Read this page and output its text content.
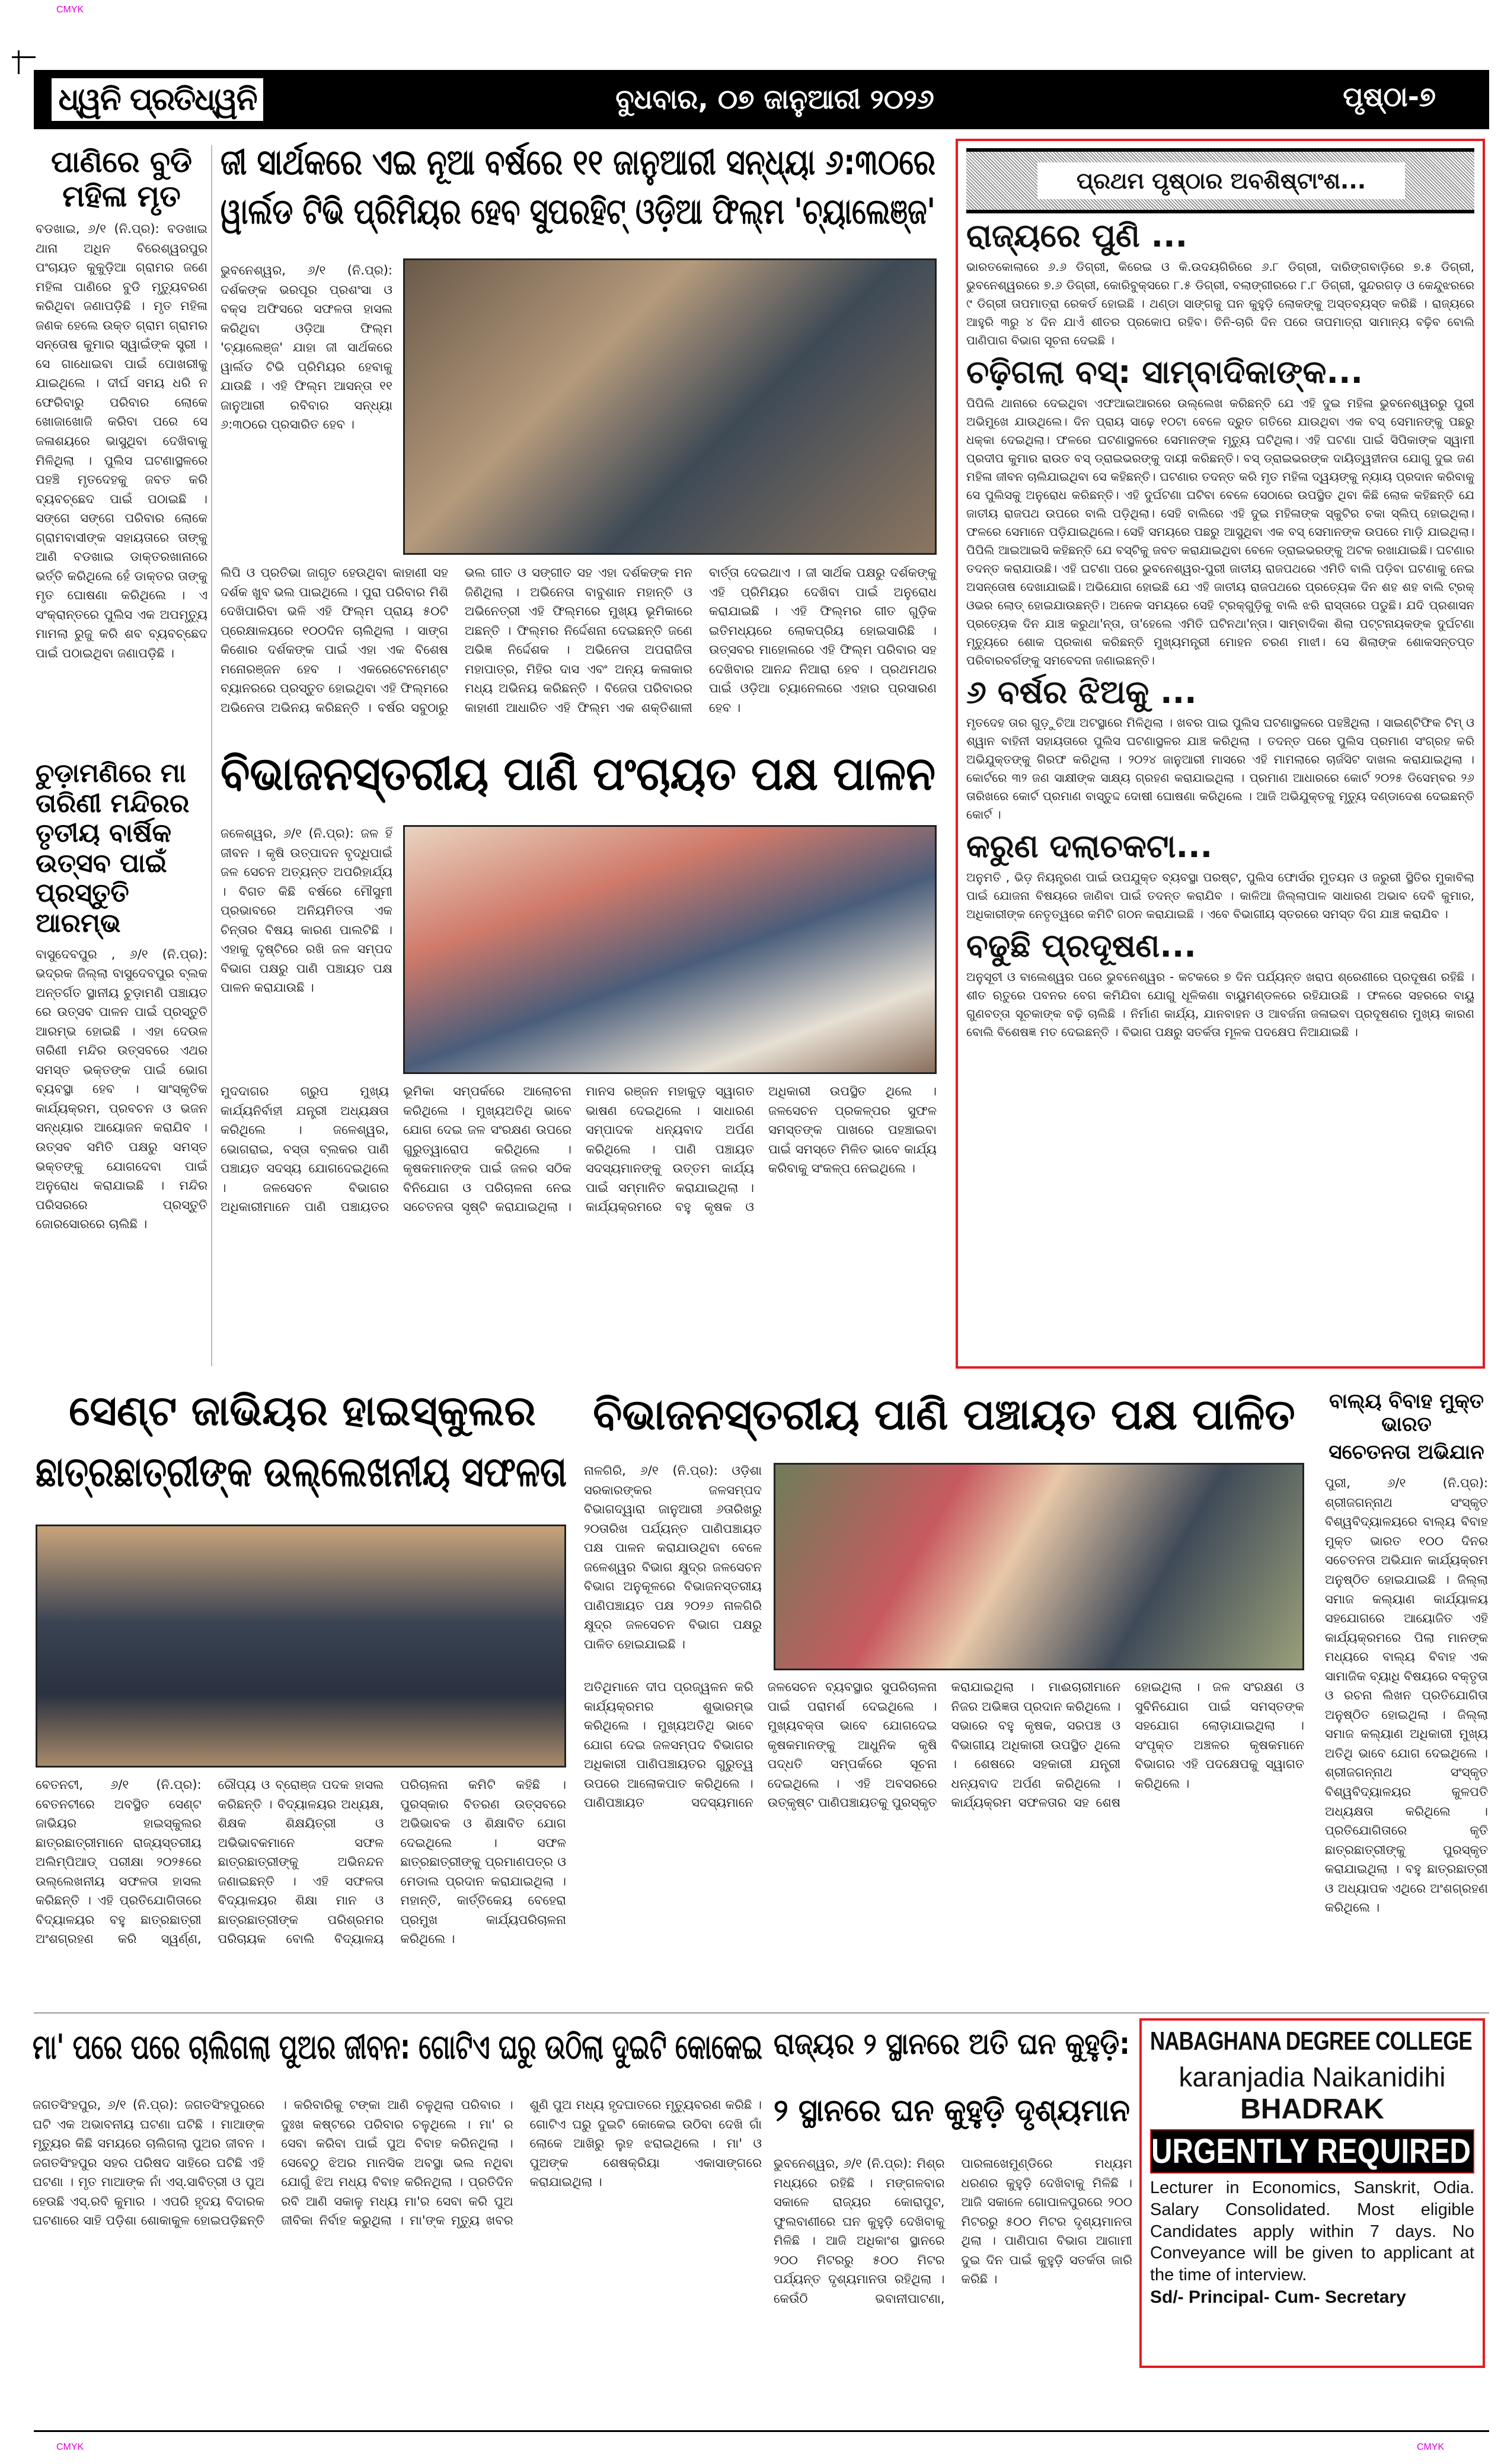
CMYK
CMYK	CMYK
ଧ୍ୱନି ପ୍ରତିଧ୍ୱନି	ବୁଧବାର, ୦୭ ଜାନୁଆରୀ ୨୦୨୬	ପୃଷ୍ଠା-୭
ପାଣିରେ ବୁଡି ମହିଳା ମୃତ
ବଡଖାଇ, ୬/୧ (ନି.ପ୍ର): ବଡଖାଇ ଥାନା ଅଧିନ ବିରେଶ୍ୱରପୁର ପଂଚାୟତ କୁକୁଡ଼ିଆ ଗ୍ରାମର ଜଣେ ମହିଳା ପାଣିରେ ବୁଡି ମୃତ୍ୟୁବରଣ କରିଥିବା ଜଣାପଡ଼ିଛି । ମୃତ ମହିଳା ଜଣକ ହେଲେ ଉକ୍ତ ଗ୍ରାମ ଗ୍ରାମର ସନ୍ତୋଷ କୁମାର ସ୍ୱାଇଁଙ୍କ ସ୍ତ୍ରୀ । ସେ ଗାଧୋଇବା ପାଇଁ ପୋଖରୀକୁ ଯାଇଥିଲେ । ଦୀର୍ଘ ସମୟ ଧରି ନ ଫେରିବାରୁ ପରିବାର ଲୋକେ ଖୋଜାଖୋଜି କରିବା ପରେ ସେ ଜଳାଶୟରେ ଭାସୁଥିବା ଦେଖିବାକୁ ମିଳିଥିଲା । ପୁଲିସ ଘଟଣାସ୍ଥଳରେ ପହଞ୍ଚି ମୃତଦେହକୁ ଜବତ କରି ବ୍ୟବଚ୍ଛେଦ ପାଇଁ ପଠାଇଛି । ସଙ୍ଗେ ସଙ୍ଗେ ପରିବାର ଲୋକେ ଗ୍ରାମବାସୀଙ୍କ ସହାୟତାରେ ତାଙ୍କୁ ଆଣି ବଡଖାଇ ଡାକ୍ତରଖାନାରେ ଭର୍ତ୍ତି କରିଥିଲେ ହେଁ ଡାକ୍ତର ତାଙ୍କୁ ମୃତ ଘୋଷଣା କରିଥିଲେ । ଏ ସଂକ୍ରାନ୍ତରେ ପୁଲିସ ଏକ ଅପମୃତ୍ୟୁ ମାମଲା ରୁଜୁ କରି ଶବ ବ୍ୟବଚ୍ଛେଦ ପାଇଁ ପଠାଇଥିବା ଜଣାପଡ଼ିଛି ।
ଚୁଡ଼ାମଣିରେ ମା ତାରିଣୀ ମନ୍ଦିରର ତୃତୀୟ ବାର୍ଷିକ ଉତ୍ସବ ପାଇଁ ପ୍ରସ୍ତୁତି ଆରମ୍ଭ
ବାସୁଦେବପୁର , ୬/୧ (ନି.ପ୍ର): ଭଦ୍ରକ ଜିଲ୍ଲା ବାସୁଦେବପୁର ବ୍ଲକ ଅନ୍ତର୍ଗତ ସ୍ଥାନୀୟ ଚୁଡ଼ାମଣି ପଞ୍ଚାୟତ ରେ ଉତ୍ସବ ପାଳନ ପାଇଁ ପ୍ରସ୍ତୁତି ଆରମ୍ଭ ହୋଇଛି । ଏହା ଦେଉଳ ତାରିଣୀ ମନ୍ଦିର ଉତ୍ସବରେ ଏଥର ସମସ୍ତ ଭକ୍ତଙ୍କ ପାଇଁ ଭୋଗ ବ୍ୟବସ୍ଥା ହେବ । ସାଂସ୍କୃତିକ କାର୍ଯ୍ୟକ୍ରମ, ପ୍ରବଚନ ଓ ଭଜନ ସନ୍ଧ୍ୟାର ଆୟୋଜନ କରାଯିବ । ଉତ୍ସବ ସମିତି ପକ୍ଷରୁ ସମସ୍ତ ଭକ୍ତଙ୍କୁ ଯୋଗଦେବା ପାଇଁ ଅନୁରୋଧ କରାଯାଇଛି । ମନ୍ଦିର ପରିସରରେ ପ୍ରସ୍ତୁତି ଜୋରସୋରରେ ଚାଲିଛି ।
ଜୀ ସାର୍ଥକରେ ଏଇ ନୂଆ ବର୍ଷରେ ୧୧ ଜାନୁଆରୀ ସନ୍ଧ୍ୟା ୬:୩୦ରେ
ୱାର୍ଲଡ ଟିଭି ପ୍ରିମିୟର ହେବ ସୁପରହିଟ୍ ଓଡ଼ିଆ ଫିଲ୍ମ 'ଚ୍ୟାଲେଞ୍ଜ'
ଭୁବନେଶ୍ୱର, ୬/୧ (ନି.ପ୍ର): ଦର୍ଶକଙ୍କ ଭରପୂର ପ୍ରଶଂସା ଓ ବକ୍ସ ଅଫିସରେ ସଫଳତା ହାସଲ କରିଥିବା ଓଡ଼ିଆ ଫିଲ୍ମ 'ଚ୍ୟାଲେଞ୍ଜ' ଯାହା ଜୀ ସାର୍ଥକରେ ୱାର୍ଲଡ ଟିଭି ପ୍ରିମିୟର ହେବାକୁ ଯାଉଛି । ଏହି ଫିଲ୍ମ ଆସନ୍ତା ୧୧ ଜାନୁଆରୀ ରବିବାର ସନ୍ଧ୍ୟା ୬:୩୦ରେ ପ୍ରସାରିତ ହେବ ।
ଲିପି ଓ ପ୍ରତିଭା ଜାଗୃତ ହେଉଥିବା କାହାଣୀ ସହ ଦର୍ଶକ ଖୁବ ଭଲ ପାଇଥିଲେ । ପୁରା ପରିବାର ମିଶି ଦେଖିପାରିବା ଭଳି ଏହି ଫିଲ୍ମ ପ୍ରାୟ ୫୦ଟି ପ୍ରେକ୍ଷାଳୟରେ ୧୦୦ଦିନ ଚାଲିଥିଲା । ସାଙ୍ଗ କିଶୋର ଦର୍ଶକଙ୍କ ପାଇଁ ଏହା ଏକ ବିଶେଷ ମନୋରଞ୍ଜନ ହେବ । ଏକରେଟେନମେଣ୍ଟ ବ୍ୟାନରରେ ପ୍ରସ୍ତୁତ ହୋଇଥିବା ଏହି ଫିଲ୍ମରେ ଅଭିନେତା ଅଭିନୟ କରିଛନ୍ତି । ବର୍ଷର ସବୁଠାରୁ ଭଲ ଗୀତ ଓ ସଙ୍ଗୀତ ସହ ଏହା ଦର୍ଶକଙ୍କ ମନ ଜିଣିଥିଲା । ଅଭିନେତା ବାବୁଶାନ ମହାନ୍ତି ଓ ଅଭିନେତ୍ରୀ ଏହି ଫିଲ୍ମରେ ମୁଖ୍ୟ ଭୂମିକାରେ ଅଛନ୍ତି । ଫିଲ୍ମର ନିର୍ଦ୍ଦେଶନା ଦେଇଛନ୍ତି ଜଣେ ଅଭିଜ୍ଞ ନିର୍ଦ୍ଦେଶକ । ଅଭିନେତା ଅପରାଜିତା ମହାପାତ୍ର, ମିହିର ଦାସ ଏବଂ ଅନ୍ୟ କଳାକାର ମଧ୍ୟ ଅଭିନୟ କରିଛନ୍ତି । ବିଜେତା ପରିବାରର କାହାଣୀ ଆଧାରିତ ଏହି ଫିଲ୍ମ ଏକ ଶକ୍ତିଶାଳୀ ବାର୍ତ୍ତା ଦେଇଥାଏ । ଜୀ ସାର୍ଥକ ପକ୍ଷରୁ ଦର୍ଶକଙ୍କୁ ଏହି ପ୍ରିମିୟର ଦେଖିବା ପାଇଁ ଅନୁରୋଧ କରାଯାଇଛି । ଏହି ଫିଲ୍ମର ଗୀତ ଗୁଡ଼ିକ ଇତିମଧ୍ୟରେ ଲୋକପ୍ରିୟ ହୋଇସାରିଛି । ଉତ୍ସବର ମାହୋଲରେ ଏହି ଫିଲ୍ମ ପରିବାର ସହ ଦେଖିବାର ଆନନ୍ଦ ନିଆରା ହେବ । ପ୍ରଥମଥର ପାଇଁ ଓଡ଼ିଆ ଚ୍ୟାନେଲରେ ଏହାର ପ୍ରସାରଣ ହେବ ।
ବିଭାଜନସ୍ତରୀୟ ପାଣି ପଂଚାୟତ ପକ୍ଷ ପାଳନ
ଜଳେଶ୍ୱର, ୬/୧ (ନି.ପ୍ର): ଜଳ ହିଁ ଜୀବନ । କୃଷି ଉତ୍ପାଦନ ବୃଦ୍ଧିପାଇଁ ଜଳ ସେଚନ ଅତ୍ୟନ୍ତ ଅପରିହାର୍ଯ୍ୟ । ବିଗତ କିଛି ବର୍ଷରେ ମୌସୁମୀ ପ୍ରଭାବରେ ଅନିୟମିତତା ଏକ ଚିନ୍ତାର ବିଷୟ କାରଣ ପାଲଟିଛି । ଏହାକୁ ଦୃଷ୍ଟିରେ ରଖି ଜଳ ସମ୍ପଦ ବିଭାଗ ପକ୍ଷରୁ ପାଣି ପଞ୍ଚାୟତ ପକ୍ଷ ପାଳନ କରାଯାଉଛି ।
ମୁଦଦାଗର ଗ୍ରୁପ ମୁଖ୍ୟ କାର୍ଯ୍ୟନିର୍ବାହୀ ଯନ୍ତ୍ରୀ ଅଧ୍ୟକ୍ଷତା କରିଥିଲେ । ଜଳେଶ୍ୱର, ଭୋଗରାଇ, ବସ୍ତା ବ୍ଲକର ପାଣି ପଞ୍ଚାୟତ ସଦସ୍ୟ ଯୋଗଦେଇଥିଲେ । ଜଳସେଚନ ବିଭାଗର ଅଧିକାରୀମାନେ ପାଣି ପଞ୍ଚାୟତର ଭୂମିକା ସମ୍ପର୍କରେ ଆଲୋଚନା କରିଥିଲେ । ମୁଖ୍ୟଅତିଥି ଭାବେ ଯୋଗ ଦେଇ ଜଳ ସଂରକ୍ଷଣ ଉପରେ ଗୁରୁତ୍ୱାରୋପ କରିଥିଲେ । କୃଷକମାନଙ୍କ ପାଇଁ ଜଳର ସଠିକ ବିନିଯୋଗ ଓ ପରିଚାଳନା ନେଇ ସଚେତନତା ସୃଷ୍ଟି କରାଯାଇଥିଲା । ମାନସ ରଞ୍ଜନ ମହାକୁଡ଼ ସ୍ୱାଗତ ଭାଷଣ ଦେଇଥିଲେ । ସାଧାରଣ ସମ୍ପାଦକ ଧନ୍ୟବାଦ ଅର୍ପଣ କରିଥିଲେ । ପାଣି ପଞ୍ଚାୟତ ସଦସ୍ୟମାନଙ୍କୁ ଉତ୍ତମ କାର୍ଯ୍ୟ ପାଇଁ ସମ୍ମାନିତ କରାଯାଇଥିଲା । କାର୍ଯ୍ୟକ୍ରମରେ ବହୁ କୃଷକ ଓ ଅଧିକାରୀ ଉପସ୍ଥିତ ଥିଲେ । ଜଳସେଚନ ପ୍ରକଳ୍ପର ସୁଫଳ ସମସ୍ତଙ୍କ ପାଖରେ ପହଞ୍ଚାଇବା ପାଇଁ ସମସ୍ତେ ମିଳିତ ଭାବେ କାର୍ଯ୍ୟ କରିବାକୁ ସଂକଳ୍ପ ନେଇଥିଲେ ।
ପ୍ରଥମ ପୃଷ୍ଠାର ଅବଶିଷ୍ଟାଂଶ...
ରାଜ୍ୟରେ ପୁଣି ...
ଭାରତକୋଲାରେ ୬.୬ ଡିଗ୍ରୀ, କିରେଇ ଓ କି.ଉଦୟଗିରିରେ ୬.୮ ଡିଗ୍ରୀ, ଦାରିଙ୍ଗବାଡ଼ିରେ ୭.୫ ଡିଗ୍ରୀ, ଭୁବନେଶ୍ୱରରେ ୭.୬ ଡିଗ୍ରୀ, କୋରିବୁକ୍ସରେ ୮.୫ ଡିଗ୍ରୀ, ବଲାଙ୍ଗୀରରେ ୮.୮ ଡିଗ୍ରୀ, ସୁନ୍ଦରଗଡ଼ ଓ କେନ୍ଦୁଝରରେ ୯ ଡିଗ୍ରୀ ତାପମାତ୍ରା ରେକର୍ଡ ହୋଇଛି । ଥଣ୍ଡା ସାଙ୍ଗକୁ ଘନ କୁହୁଡ଼ି ଲୋକଙ୍କୁ ଅସ୍ତବ୍ୟସ୍ତ କରିଛି । ରାଜ୍ୟରେ ଆହୁରି ୩ରୁ ୪ ଦିନ ଯାଏଁ ଶୀତର ପ୍ରକୋପ ରହିବ। ତିନି-ଚାରି ଦିନ ପରେ ତାପମାତ୍ରା ସାମାନ୍ୟ ବଢ଼ିବ ବୋଲି ପାଣିପାଗ ବିଭାଗ ସୂଚନା ଦେଇଛି ।
ଚଢ଼ିଗଲା ବସ୍: ସାମ୍ବାଦିକାଙ୍କ...
ପିପିଲି ଥାନାରେ ଦେଇଥିବା ଏଫଆଇଆରରେ ଉଲ୍ଲେଖ କରିଛନ୍ତି ଯେ ଏହି ଦୁଇ ମହିଳା ଭୁବନେଶ୍ୱରରୁ ପୁରୀ ଅଭିମୁଖେ ଯାଉଥିଲେ। ଦିନ ପ୍ରାୟ ସାଢ଼େ ୧୦ଟା ବେଳେ ଦ୍ରୁତ ଗତିରେ ଯାଉଥିବା ଏକ ବସ୍ ସେମାନଙ୍କୁ ପଛରୁ ଧକ୍କା ଦେଇଥିଲା। ଫଳରେ ଘଟଣାସ୍ଥଳରେ ସେମାନଙ୍କ ମୃତ୍ୟୁ ଘଟିଥିଲା। ଏହି ଘଟଣା ପାଇଁ ସିପିକାଙ୍କ ସ୍ୱାମୀ ପ୍ରଦୀପ କୁମାର ରାଉତ ବସ୍ ଡ୍ରାଇଭରଙ୍କୁ ଦାୟୀ କରିଛନ୍ତି। ବସ୍ ଡ୍ରାଇଭରଙ୍କ ଦାୟିତ୍ୱହୀନତା ଯୋଗୁ ଦୁଇ ଜଣ ମହିଳା ଜୀବନ ଚାଲିଯାଇଥିବା ସେ କହିଛନ୍ତି। ଘଟଣାର ତଦନ୍ତ କରି ମୃତ ମହିଳା ଦ୍ୱୟଙ୍କୁ ନ୍ୟାୟ ପ୍ରଦାନ କରିବାକୁ ସେ ପୁଲିସକୁ ଅନୁରୋଧ କରିଛନ୍ତି। ଏହି ଦୁର୍ଘଟଣା ଘଟିବା ବେଳେ ସେଠାରେ ଉପସ୍ଥିତ ଥିବା କିଛି ଲୋକ କହିଛନ୍ତି ଯେ ଜାତୀୟ ରାଜପଥ ଉପରେ ବାଲି ପଡ଼ିଥିଲା। ସେହି ବାଲିରେ ଏହି ଦୁଇ ମହିଳାଙ୍କ ସ୍କୁଟିର ଚକା ସ୍ଲିପ୍ ହୋଇଥିଲା। ଫଳରେ ସେମାନେ ପଡ଼ିଯାଇଥିଲେ। ସେହି ସମୟରେ ପଛରୁ ଆସୁଥିବା ଏକ ବସ୍ ସେମାନଙ୍କ ଉପରେ ମାଡ଼ି ଯାଇଥିଲା। ପିପିଲି ଆଇଆଇସି କହିଛନ୍ତି ଯେ ବସ୍‌ଟିକୁ ଜବତ କରାଯାଇଥିବା ବେଳେ ଡ୍ରାଇଭରଙ୍କୁ ଅଟକ ରଖାଯାଇଛି। ଘଟଣାର ତଦନ୍ତ କରାଯାଉଛି। ଏହି ଘଟଣା ପରେ ଭୁବନେଶ୍ୱର-ପୁରୀ ଜାତୀୟ ରାଜପଥରେ ଏମିତି ବାଲି ପଡ଼ିବା ଘଟଣାକୁ ନେଇ ଅସନ୍ତୋଷ ଦେଖାଯାଇଛି। ଅଭିଯୋଗ ହୋଇଛି ଯେ ଏହି ଜାତୀୟ ରାଜପଥରେ ପ୍ରତ୍ୟେକ ଦିନ ଶହ ଶହ ବାଲି ଟ୍ରକ୍ ଓଭର ଲୋଡ୍ ହୋଇଯାଉଛନ୍ତି। ଅନେକ ସମୟରେ ସେହି ଟ୍ରକ୍‌ଗୁଡ଼ିକୁ ବାଲି ଝରି ରାସ୍ତାରେ ପଡୁଛି। ଯଦି ପ୍ରଶାସନ ପ୍ରତ୍ୟେକ ଦିନ ଯାଞ୍ଚ କରୁଥା'ନ୍ତା, ତା'ହେଲେ ଏମିତି ଘଟିନଥା'ନ୍ତା। ସାମ୍ବାଦିକା ଶିଲା ପଟ୍ଟନାୟକଙ୍କ ଦୁର୍ଘଟଣା ମୃତ୍ୟୁରେ ଶୋକ ପ୍ରକାଶ କରିଛନ୍ତି ମୁଖ୍ୟମନ୍ତ୍ରୀ ମୋହନ ଚରଣ ମାଝୀ। ସେ ଶିଲାଙ୍କ ଶୋକସନ୍ତପ୍ତ ପରିବାରବର୍ଗଙ୍କୁ ସମବେଦନା ଜଣାଇଛନ୍ତି।
୬ ବର୍ଷର ଝିଅକୁ ...
ମୃତଦେହ ତାର ଗୁଡ଼ୁଚିଆ ଅଟସ୍ଥାରେ ମିଳିଥିଲା । ଖବର ପାଇ ପୁଲିସ ଘଟଣାସ୍ଥଳରେ ପହଞ୍ଚିଥିଲା । ସାଇଣ୍ଟିଫିକ ଟିମ୍ ଓ ଶ୍ୱାନ ବାହିନୀ ସହାୟତାରେ ପୁଲିସ ଘଟଣାସ୍ଥଳର ଯାଞ୍ଚ କରିଥିଲା । ତଦନ୍ତ ପରେ ପୁଲିସ ପ୍ରମାଣ ସଂଗ୍ରହ କରି ଅଭିଯୁକ୍ତଙ୍କୁ ଗିରଫ କରିଥିଲା । ୨୦୨୪ ଜାନୁଆରୀ ମାସରେ ଏହି ମାମଲାରେ ଚାର୍ଜସିଟ ଦାଖଲ କରାଯାଇଥିଲା । କୋର୍ଟରେ ୩୨ ଜଣ ସାକ୍ଷୀଙ୍କ ସାକ୍ଷ୍ୟ ଗ୍ରହଣ କରାଯାଇଥିଲା । ପ୍ରମାଣ ଆଧାରରେ କୋର୍ଟ ୨୦୨୫ ଡିସେମ୍ବର ୨୬ ତାରିଖରେ କୋର୍ଟ ପ୍ରମାଣ ବାସ୍ତୁଦ୍ଦ ଦୋଷୀ ଘୋଷଣା କରିଥିଲେ । ଆଜି ଅଭିଯୁକ୍ତକୁ ମୃତ୍ୟୁ ଦଣ୍ଡାଦେଶ ଦେଇଛନ୍ତି କୋର୍ଟ ।
କରୁଣ ଦଲାଚକଟା...
ଅନୁମତି , ଭିଡ଼ ନିୟନ୍ତ୍ରଣ ପାଇଁ ଉପଯୁକ୍ତ ବ୍ୟବସ୍ଥା ପରଷ୍ଟ, ପୁଲିସ ଫୋର୍ସର ମୁତୟନ ଓ ଜରୁରୀ ସ୍ଥିତିର ମୁକାବିଲା ପାଇଁ ଯୋଜନା ବିଷୟରେ ଜାଣିବା ପାଇଁ ତଦନ୍ତ କରାଯିବ । କାଳିଆ ଜିଲ୍ଲାପାଳ ସାଧାରଣ ଅଭାବ ଦେବି କୁମାର, ଅଧିକାରୀଙ୍କ ନେତୃତ୍ୱରେ କମିଟି ଗଠନ କରାଯାଇଛି । ଏବେ ବିଭାଗୀୟ ସ୍ତରରେ ସମସ୍ତ ଦିଗ ଯାଞ୍ଚ କରାଯିବ ।
ବଢୁଛି ପ୍ରଦୂଷଣ...
ଅନୁସୂଚୀ ଓ ବାଲେଶ୍ୱର ପରେ ଭୁବନେଶ୍ୱର - କଟକରେ ୭ ଦିନ ପର୍ଯ୍ୟନ୍ତ ଖରାପ ଶ୍ରେଣୀରେ ପ୍ରଦୂଷଣ ରହିଛି । ଶୀତ ଋତୁରେ ପବନର ବେଗ କମିଯିବା ଯୋଗୁ ଧୂଳିକଣା ବାୟୁମଣ୍ଡଳରେ ରହିଯାଉଛି । ଫଳରେ ସହରରେ ବାୟୁ ଗୁଣବତ୍ତା ସୂଚକାଙ୍କ ବଢ଼ି ଚାଲିଛି । ନିର୍ମାଣ କାର୍ଯ୍ୟ, ଯାନବାହନ ଓ ଆବର୍ଜନା ଜଳାଇବା ପ୍ରଦୂଷଣର ମୁଖ୍ୟ କାରଣ ବୋଲି ବିଶେଷଜ୍ଞ ମତ ଦେଇଛନ୍ତି । ବିଭାଗ ପକ୍ଷରୁ ସତର୍କତା ମୂଳକ ପଦକ୍ଷେପ ନିଆଯାଇଛି ।
ସେଣ୍ଟ ଜାଭିୟର ହାଇସ୍କୁଲର
ଛାତ୍ରଛାତ୍ରୀଙ୍କ ଉଲ୍ଲେଖନୀୟ ସଫଳତା
ବେତନଟୀ, ୬/୧ (ନି.ପ୍ର): ବେତନଟୀରେ ଅବସ୍ଥିତ ସେଣ୍ଟ ଜାଭିୟର ହାଇସ୍କୁଲର ଛାତ୍ରଛାତ୍ରୀମାନେ ରାଜ୍ୟସ୍ତରୀୟ ଅଲିମ୍ପିଆଡ୍ ପରୀକ୍ଷା ୨୦୨୫ରେ ଉଲ୍ଲେଖନୀୟ ସଫଳତା ହାସଲ କରିଛନ୍ତି । ଏହି ପ୍ରତିଯୋଗିତାରେ ବିଦ୍ୟାଳୟର ବହୁ ଛାତ୍ରଛାତ୍ରୀ ଅଂଶଗ୍ରହଣ କରି ସ୍ୱର୍ଣ୍ଣ, ରୌପ୍ୟ ଓ ବ୍ରୋଞ୍ଜ ପଦକ ହାସଲ କରିଛନ୍ତି । ବିଦ୍ୟାଳୟର ଅଧ୍ୟକ୍ଷ, ଶିକ୍ଷକ ଶିକ୍ଷୟିତ୍ରୀ ଓ ଅଭିଭାବକମାନେ ସଫଳ ଛାତ୍ରଛାତ୍ରୀଙ୍କୁ ଅଭିନନ୍ଦନ ଜଣାଇଛନ୍ତି । ଏହି ସଫଳତା ବିଦ୍ୟାଳୟର ଶିକ୍ଷା ମାନ ଓ ଛାତ୍ରଛାତ୍ରୀଙ୍କ ପରିଶ୍ରମର ପରିଚାୟକ ବୋଲି ବିଦ୍ୟାଳୟ ପରିଚାଳନା କମିଟି କହିଛି । ପୁରସ୍କାର ବିତରଣ ଉତ୍ସବରେ ଅଭିଭାବକ ଓ ଶିକ୍ଷାବିତ ଯୋଗ ଦେଇଥିଲେ । ସଫଳ ଛାତ୍ରଛାତ୍ରୀଙ୍କୁ ପ୍ରମାଣପତ୍ର ଓ ମେଡାଲ ପ୍ରଦାନ କରାଯାଇଥିଲା । ମହାନ୍ତି, କାର୍ତ୍ତିକେୟ ବେହେରା ପ୍ରମୁଖ କାର୍ଯ୍ୟପରିଚାଳନା କରିଥିଲେ ।
ବିଭାଜନସ୍ତରୀୟ ପାଣି ପଞ୍ଚାୟତ ପକ୍ଷ ପାଳିତ
ନାଳଗିରି, ୬/୧ (ନି.ପ୍ର): ଓଡ଼ିଶା ସରକାରଙ୍କର ଜଳସମ୍ପଦ ବିଭାଗଦ୍ୱାରା ଜାନୁଆରୀ ୬ତାରିଖରୁ ୨୦ତାରିଖ ପର୍ଯ୍ୟନ୍ତ ପାଣିପଞ୍ଚାୟତ ପକ୍ଷ ପାଳନ କରାଯାଉଥିବା ବେଳେ ଜଳେଶ୍ୱର ବିଭାଗ କ୍ଷୁଦ୍ର ଜଳସେଚନ ବିଭାଗ ଅନୁକୂଳରେ ବିଭାଜନସ୍ତରୀୟ ପାଣିପଞ୍ଚାୟତ ପକ୍ଷ ୨୦୨୬ ନାଳଗିରି କ୍ଷୁଦ୍ର ଜଳସେଚନ ବିଭାଗ ପକ୍ଷରୁ ପାଳିତ ହୋଇଯାଇଛି ।
ଅତିଥିମାନେ ଦୀପ ପ୍ରଜ୍ୱଳନ କରି କାର୍ଯ୍ୟକ୍ରମର ଶୁଭାରମ୍ଭ କରିଥିଲେ । ମୁଖ୍ୟଅତିଥି ଭାବେ ଯୋଗ ଦେଇ ଜଳସମ୍ପଦ ବିଭାଗର ଅଧିକାରୀ ପାଣିପଞ୍ଚାୟତର ଗୁରୁତ୍ୱ ଉପରେ ଆଲୋକପାତ କରିଥିଲେ । ପାଣିପଞ୍ଚାୟତ ସଦସ୍ୟମାନେ ଜଳସେଚନ ବ୍ୟବସ୍ଥାର ସୁପରିଚାଳନା ପାଇଁ ପରାମର୍ଶ ଦେଇଥିଲେ । ମୁଖ୍ୟବକ୍ତା ଭାବେ ଯୋଗଦେଇ କୃଷକମାନଙ୍କୁ ଆଧୁନିକ କୃଷି ପଦ୍ଧତି ସମ୍ପର୍କରେ ସୂଚନା ଦେଇଥିଲେ । ଏହି ଅବସରରେ ଉତ୍କୃଷ୍ଟ ପାଣିପଞ୍ଚାୟତକୁ ପୁରସ୍କୃତ କରାଯାଇଥିଲା । ମାଈଚାରୀମାନେ ନିଜର ଅଭିଜ୍ଞତା ପ୍ରଦାନ କରିଥିଲେ । ସଭାରେ ବହୁ କୃଷକ, ସରପଞ୍ଚ ଓ ବିଭାଗୀୟ ଅଧିକାରୀ ଉପସ୍ଥିତ ଥିଲେ । ଶେଷରେ ସହକାରୀ ଯନ୍ତ୍ରୀ ଧନ୍ୟବାଦ ଅର୍ପଣ କରିଥିଲେ । କାର୍ଯ୍ୟକ୍ରମ ସଫଳତାର ସହ ଶେଷ ହୋଇଥିଲା । ଜଳ ସଂରକ୍ଷଣ ଓ ସୁବିନିଯୋଗ ପାଇଁ ସମସ୍ତଙ୍କ ସହଯୋଗ ଲୋଡ଼ାଯାଇଥିଲା । ସଂପୃକ୍ତ ଅଞ୍ଚଳର କୃଷକମାନେ ବିଭାଗର ଏହି ପଦକ୍ଷେପକୁ ସ୍ୱାଗତ କରିଥିଲେ ।
ବାଲ୍ୟ ବିବାହ ମୁକ୍ତ ଭାରତ
ସଚେତନତା ଅଭିଯାନ
ପୁରୀ, ୬/୧ (ନି.ପ୍ର): ଶ୍ରୀଜଗନ୍ନାଥ ସଂସ୍କୃତ ବିଶ୍ୱବିଦ୍ୟାଳୟରେ ବାଲ୍ୟ ବିବାହ ମୁକ୍ତ ଭାରତ ୧୦୦ ଦିନର ସଚେତନତା ଅଭିଯାନ କାର୍ଯ୍ୟକ୍ରମ ଅନୁଷ୍ଠିତ ହୋଇଯାଇଛି । ଜିଲ୍ଲା ସମାଜ କଲ୍ୟାଣ କାର୍ଯ୍ୟାଳୟ ସହଯୋଗରେ ଆୟୋଜିତ ଏହି କାର୍ଯ୍ୟକ୍ରମରେ ପିଲା ମାନଙ୍କ ମଧ୍ୟରେ ବାଲ୍ୟ ବିବାହ ଏକ ସାମାଜିକ ବ୍ୟାଧି ବିଷୟରେ ବକ୍ତୃତା ଓ ରଚନା ଲିଖନ ପ୍ରତିଯୋଗିତା ଅନୁଷ୍ଠିତ ହୋଇଥିଲା । ଜିଲ୍ଲା ସମାଜ କଲ୍ୟାଣ ଅଧିକାରୀ ମୁଖ୍ୟ ଅତିଥି ଭାବେ ଯୋଗ ଦେଇଥିଲେ । ଶ୍ରୀଜଗନ୍ନାଥ ସଂସ୍କୃତ ବିଶ୍ୱବିଦ୍ୟାଳୟର କୁଳପତି ଅଧ୍ୟକ୍ଷତା କରିଥିଲେ । ପ୍ରତିଯୋଗିତାରେ କୃତି ଛାତ୍ରଛାତ୍ରୀଙ୍କୁ ପୁରସ୍କୃତ କରାଯାଇଥିଲା । ବହୁ ଛାତ୍ରଛାତ୍ରୀ ଓ ଅଧ୍ୟାପକ ଏଥିରେ ଅଂଶଗ୍ରହଣ କରିଥିଲେ ।
ମା' ପରେ ପରେ ଚାଲିଗଲା ପୁଅର ଜୀବନ: ଗୋଟିଏ ଘରୁ ଉଠିଲା ଦୁଇଟି କୋକେଇ
ଜଗତସିଂହପୁର, ୬/୧ (ନି.ପ୍ର): ଜଗତସିଂହପୁରରେ ଘଟି ଏକ ଅଭାବନୀୟ ଘଟଣା ଘଟିଛି । ମାଆଙ୍କ ମୃତ୍ୟୁର କିଛି ସମୟରେ ଚାଲିଗଲା ପୁଅର ଜୀବନ । ଜଗତସିଂହପୁର ସହର ପରିଷଦ ସାହିରେ ଘଟିଛି ଏହି ଘଟଣା । ମୃତ ମାଆଙ୍କ ନାଁ ଏସ୍.ସାବିତ୍ରୀ ଓ ପୁଅ ହେଉଛି ଏସ୍.ରବି କୁମାର । ଏପରି ହୃଦୟ ବିଦାରକ ଘଟଣାରେ ସାହି ପଡ଼ିଶା ଶୋକାକୁଳ ହୋଇପଡ଼ିଛନ୍ତି । କରିବାରିକୁ ଟଙ୍କା ଆଣି ଚଳୁଥିଲା ପରିବାର । ଦୁଃଖ କଷ୍ଟରେ ପରିବାର ଚଳୁଥିଲେ । ମା' ର ସେବା କରିବା ପାଇଁ ପୁଅ ବିବାହ କରିନଥିଲା । ସେବେଠୁ ଝିଅର ମାନସିକ ଅବସ୍ଥା ଭଲ ନଥିବା ଯୋଗୁଁ ଝିଅ ମଧ୍ୟ ବିବାହ କରିନଥିଲା । ପ୍ରତିଦିନ ରବି ଆଣି ସକାଳୁ ମଧ୍ୟ ମା'ର ସେବା କରି ପୁଅ ଜୀବିକା ନିର୍ବାହ କରୁଥିଲା । ମା'ଙ୍କ ମୃତ୍ୟୁ ଖବର ଶୁଣି ପୁଅ ମଧ୍ୟ ହୃଦଘାତରେ ମୃତ୍ୟୁବରଣ କରିଛି । ଗୋଟିଏ ଘରୁ ଦୁଇଟି କୋକେଇ ଉଠିବା ଦେଖି ଗାଁ ଲୋକେ ଆଖିରୁ ଲୁହ ଝରାଇଥିଲେ । ମା' ଓ ପୁଅଙ୍କ ଶେଷକ୍ରିୟା ଏକାସାଙ୍ଗରେ କରାଯାଇଥିଲା ।
ରାଜ୍ୟର ୨ ସ୍ଥାନରେ ଅତି ଘନ କୁହୁଡ଼ି:
୨ ସ୍ଥାନରେ ଘନ କୁହୁଡ଼ି ଦୃଶ୍ୟମାନ
ଭୁବନେଶ୍ୱର, ୬/୧ (ନି.ପ୍ର): ମିଶ୍ର ମଧ୍ୟରେ ରହିଛି । ମଙ୍ଗଳବାର ସକାଳେ ରାଜ୍ୟର କୋରାପୁଟ, ଫୁଲବାଣୀରେ ଘନ କୁହୁଡ଼ି ଦେଖିବାକୁ ମିଳିଛି । ଆଜି ଅଧିକାଂଶ ସ୍ଥାନରେ ୨୦୦ ମିଟରରୁ ୫୦୦ ମିଟର ପର୍ଯ୍ୟନ୍ତ ଦୃଶ୍ୟମାନତା ରହିଥିଲା । କେଉଁଠି ଭବାନୀପାଟଣା, ପାରଳାଖେମୁଣ୍ଡିରେ ମଧ୍ୟମ ଧରଣର କୁହୁଡ଼ି ଦେଖିବାକୁ ମିଳିଛି । ଆଜି ସକାଳେ ଗୋପାଳପୁରରେ ୨୦୦ ମିଟରରୁ ୫୦୦ ମିଟର ଦୃଶ୍ୟମାନତା ଥିଲା । ପାଣିପାଗ ବିଭାଗ ଆଗାମୀ ଦୁଇ ଦିନ ପାଇଁ କୁହୁଡ଼ି ସତର୍କତା ଜାରି କରିଛି ।
NABAGHANA DEGREE COLLEGE
karanjadia Naikanidihi
BHADRAK
URGENTLY REQUIRED
Lecturer in Economics, Sanskrit, Odia. Salary Consolidated. Most eligible Candidates apply within 7 days. No Conveyance will be given to applicant at the time of interview.
Sd/- Principal- Cum- Secretary
